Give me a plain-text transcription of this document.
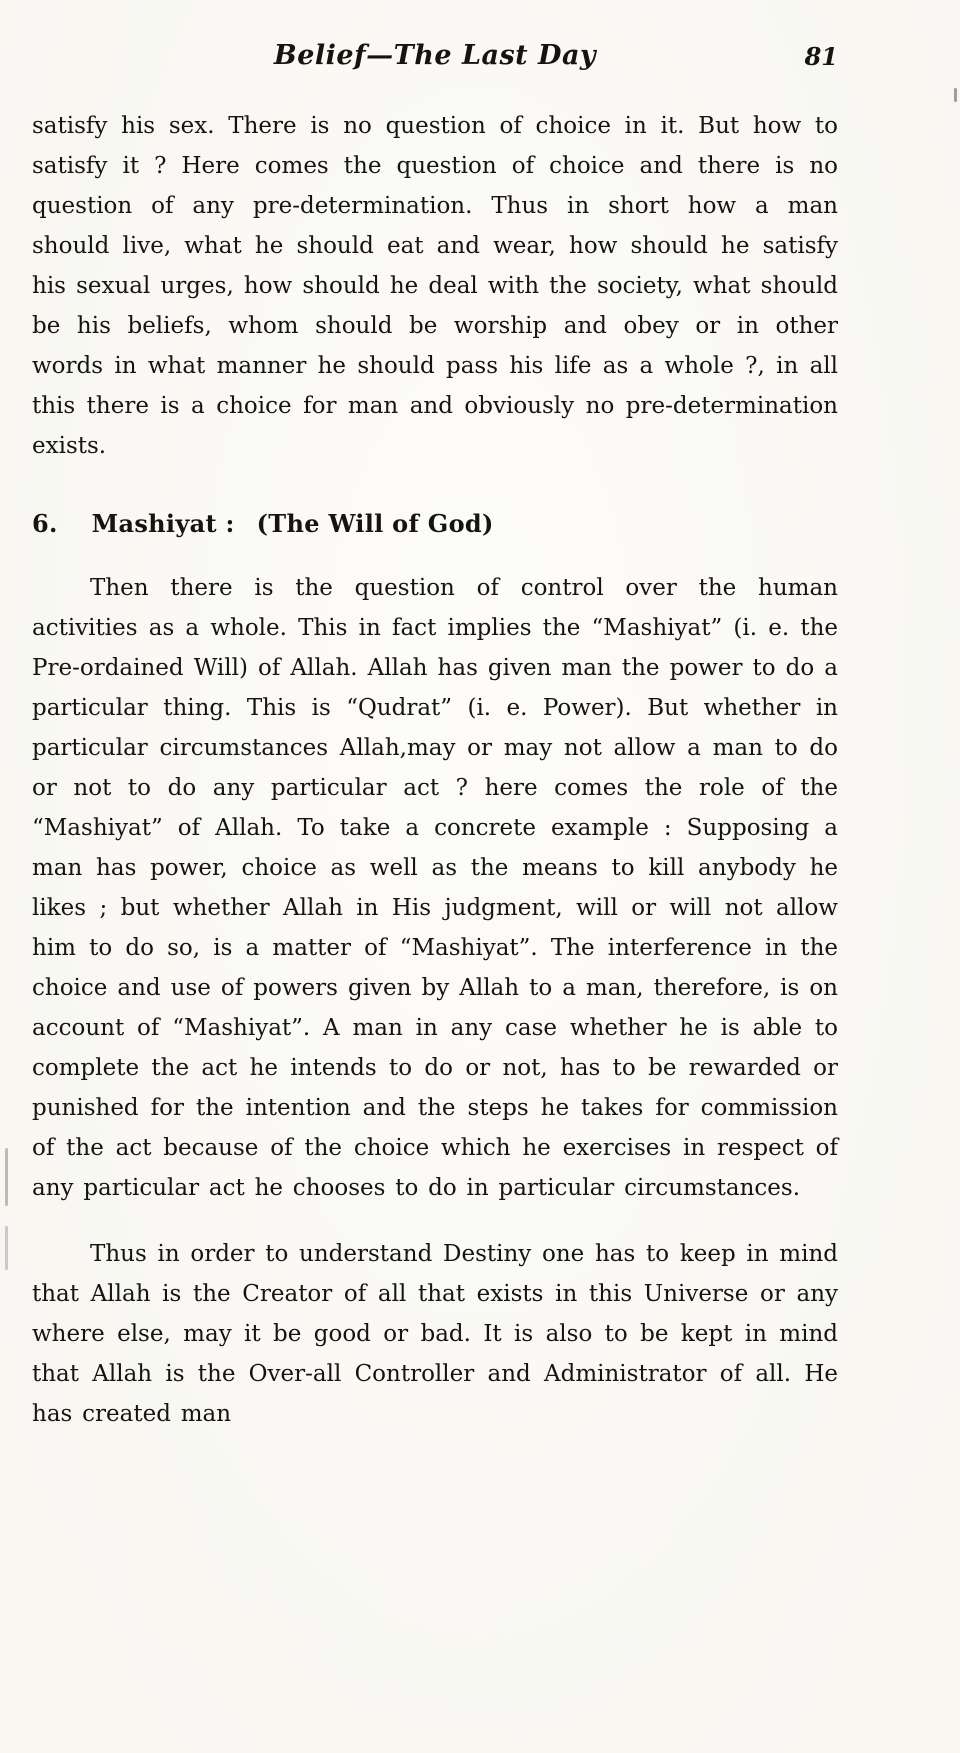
Belief—The Last Day	81

satisfy his sex. There is no question of choice in it. But how to satisfy it ? Here comes the question of choice and there is no question of any pre-determination. Thus in short how a man should live, what he should eat and wear, how should he satisfy his sexual urges, how should he deal with the society, what should be his beliefs, whom should be worship and obey or in other words in what manner he should pass his life as a whole ?, in all this there is a choice for man and obviously no pre-determination exists.

6. Mashiyat : (The Will of God)

Then there is the question of control over the human activities as a whole. This in fact implies the “Mashiyat” (i. e. the Pre-ordained Will) of Allah. Allah has given man the power to do a particular thing. This is “Qudrat” (i. e. Power). But whether in particular circumstances Allah,may or may not allow a man to do or not to do any particular act ? here comes the role of the “Mashiyat” of Allah. To take a concrete example : Supposing a man has power, choice as well as the means to kill anybody he likes ; but whether Allah in His judgment, will or will not allow him to do so, is a matter of “Mashiyat”. The interference in the choice and use of powers given by Allah to a man, therefore, is on account of “Mashiyat”. A man in any case whether he is able to complete the act he intends to do or not, has to be rewarded or punished for the intention and the steps he takes for commission of the act because of the choice which he exercises in respect of any particular act he chooses to do in particular circumstances.

Thus in order to understand Destiny one has to keep in mind that Allah is the Creator of all that exists in this Universe or any where else, may it be good or bad. It is also to be kept in mind that Allah is the Over-all Controller and Administrator of all. He has created man
